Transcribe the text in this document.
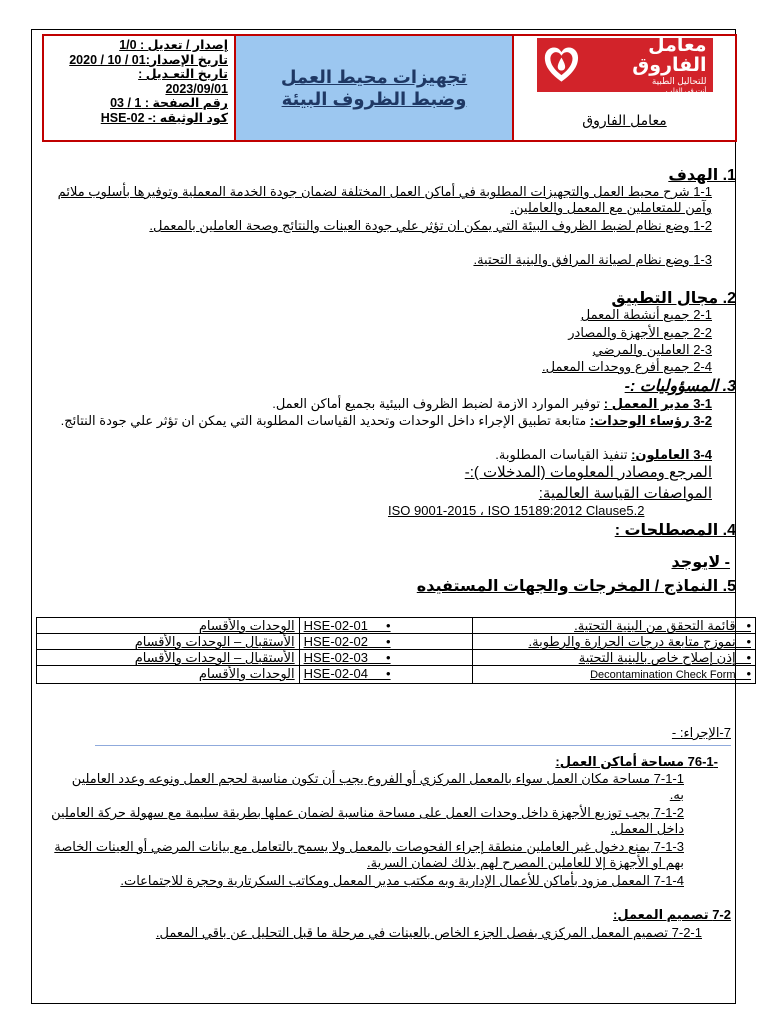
إصدار / تعديل : 1/0
تاريخ الإصدار:01 / 10 / 2020
تاريخ التعـديل :
2023/09/01
رقم الصفحة : 1 / 03
كود الوثيقه :- HSE-02
تجهيزات محيط العمل
وضبط الظروف البيئة
معامل الفاروق
للتحاليل الطبية
أنت في القلب
معامل الفاروق
1. الهدف
1-1 شرح محيط العمل والتجهيزات المطلوبة في أماكن العمل المختلفة لضمان جودة الخدمة المعملية وتوفيرها بأسلوب ملائم وآمن للمتعاملين مع المعمل والعاملين.
1-2 وضع نظام لضبط الظروف البيئة التي يمكن ان تؤثر علي جودة العينات والنتائج وصحة العاملين بالمعمل.
1-3 وضع نظام لصيانة المرافق والبنية التحتية.
2. مجال التطبيق
2-1 جميع أنشطة المعمل
2-2 جميع الأجهزة والمصادر
2-3 العاملين والمرضي
2-4 جميع أفرع ووحدات المعمل.
3. المسؤوليات :-
3-1 مدير المعمل : توفير الموارد الازمة لضبط الظروف البيئية بجميع أماكن العمل.
3-2 رؤساء الوحدات: متابعة تطبيق الإجراء داخل الوحدات وتحديد القياسات المطلوبة التي يمكن ان تؤثر علي جودة النتائج.
3-4 العاملون: تنفيذ القياسات المطلوبة.
المرجع ومصادر المعلومات (المدخلات ):-
المواصفات القياسة العالمية:
ISO 9001-2015 ، ISO 15189:2012 Clause5.2
4. المصطلحات :
- لايوجد
5. النماذج / المخرجات والجهات المستفيده
•   قائمة التحقق من البنية التحتية.	HSE-02-01     •	الوحدات والأقسام
•   نموزج متابعة درجات الحرارة والرطوبة.	HSE-02-02     •	الأستقبال – الوحدات والأقسام
•   إذن إصلاح خاص بالبنية التحتية	HSE-02-03     •	الأستقبال – الوحدات والأقسام
•   Decontamination Check Form	HSE-02-04     •	الوحدات والأقسام
7-الإجراء: -
-76-1 مساحة أماكن العمل:
7-1-1 مساحة مكان العمل سواء بالمعمل المركزي أو الفروع يجب أن تكون مناسبة لحجم العمل ونوعه وعدد العاملين به.
7-1-2 يجب توزيع الأجهزة داخل وحدات العمل على مساحة مناسبة لضمان عملها بطريقة سليمة مع سهولة حركة العاملين داخل المعمل.
7-1-3 يمنع دخول غير العاملين منطقة إجراء الفحوصات بالمعمل ولا يسمح بالتعامل مع بيانات المرضي أو العينات الخاصة بهم او الأجهزة إلا للعاملين المصرح لهم بذلك لضمان السرية.
7-1-4 المعمل مزود بأماكن للأعمال الإدارية وبه مكتب مدير المعمل ومكاتب السكرتارية وحجرة للاجتماعات.
7-2 تصميم المعمل:
7-2-1 تصميم المعمل المركزي بفصل الجزء الخاص بالعينات في مرحلة ما قبل التحليل عن باقي المعمل.
